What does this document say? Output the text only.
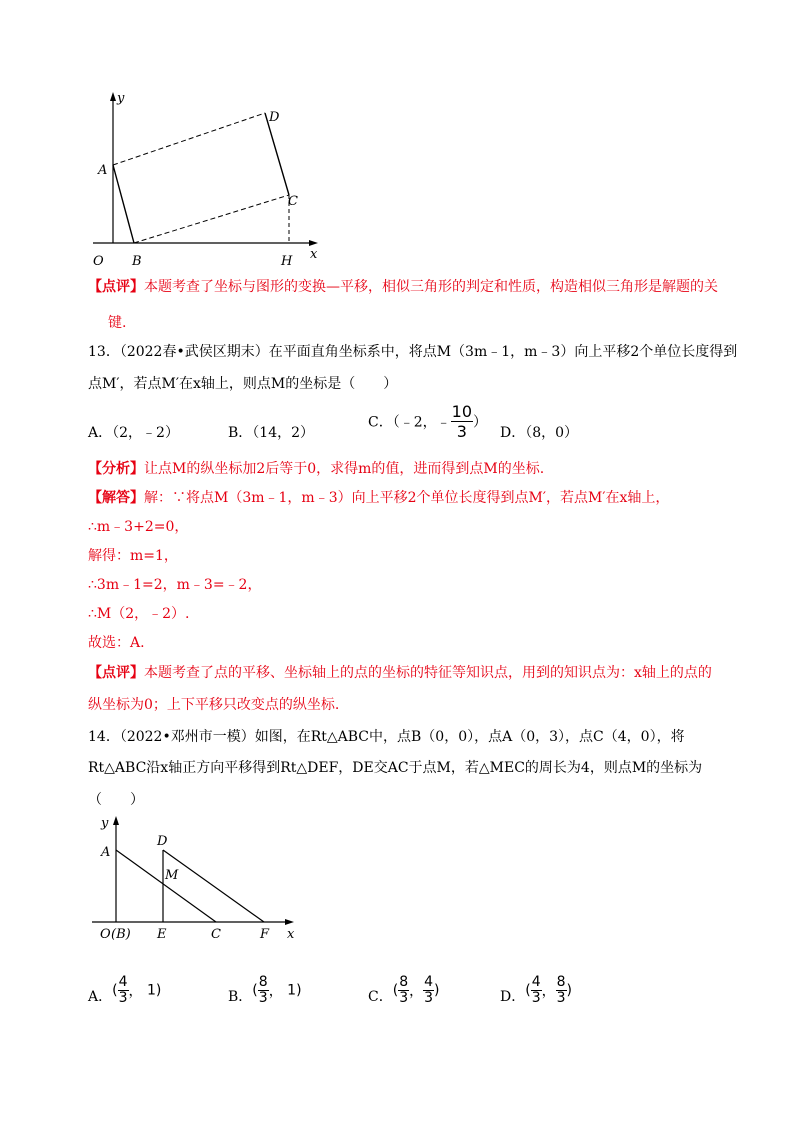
y
x
O
A
B
C
D
H
【点评】本题考查了坐标与图形的变换—平移，相似三角形的判定和性质，构造相似三角形是解题的关
键.
13．（2022春•武侯区期末）在平面直角坐标系中，将点M（3m﹣1，m﹣3）向上平移2个单位长度得到
点M′，若点M′在x轴上，则点M的坐标是（　　）
A．（2，﹣2）	B．（14，2）
C．（﹣2，﹣ $\frac{10}{3}$ ）
D．（8，0）
【分析】让点M的纵坐标加2后等于0，求得m的值，进而得到点M的坐标.
【解答】解：∵将点M（3m﹣1，m﹣3）向上平移2个单位长度得到点M′，若点M′在x轴上，
∴m﹣3+2=0，
解得：m=1，
∴3m﹣1=2，m﹣3=﹣2，
∴M（2，﹣2）.
故选：A.
【点评】本题考查了点的平移、坐标轴上的点的坐标的特征等知识点，用到的知识点为：x轴上的点的
纵坐标为0；上下平移只改变点的纵坐标.
14．（2022•邓州市一模）如图，在Rt△ABC中，点B（0，0），点A（0，3），点C（4，0），将
Rt△ABC沿x轴正方向平移得到Rt△DEF，DE交AC于点M，若△MEC的周长为4，则点M的坐标为
（　　）
y
x
O (B)
A
D
M
E	C	F
A．( $\frac{4}{3}$ ， 1)	B．( $\frac{8}{3}$ ， 1)	C．( $\frac{8}{3}$ ， $\frac{4}{3}$ )	D．( $\frac{4}{3}$ ， $\frac{8}{3}$ )
